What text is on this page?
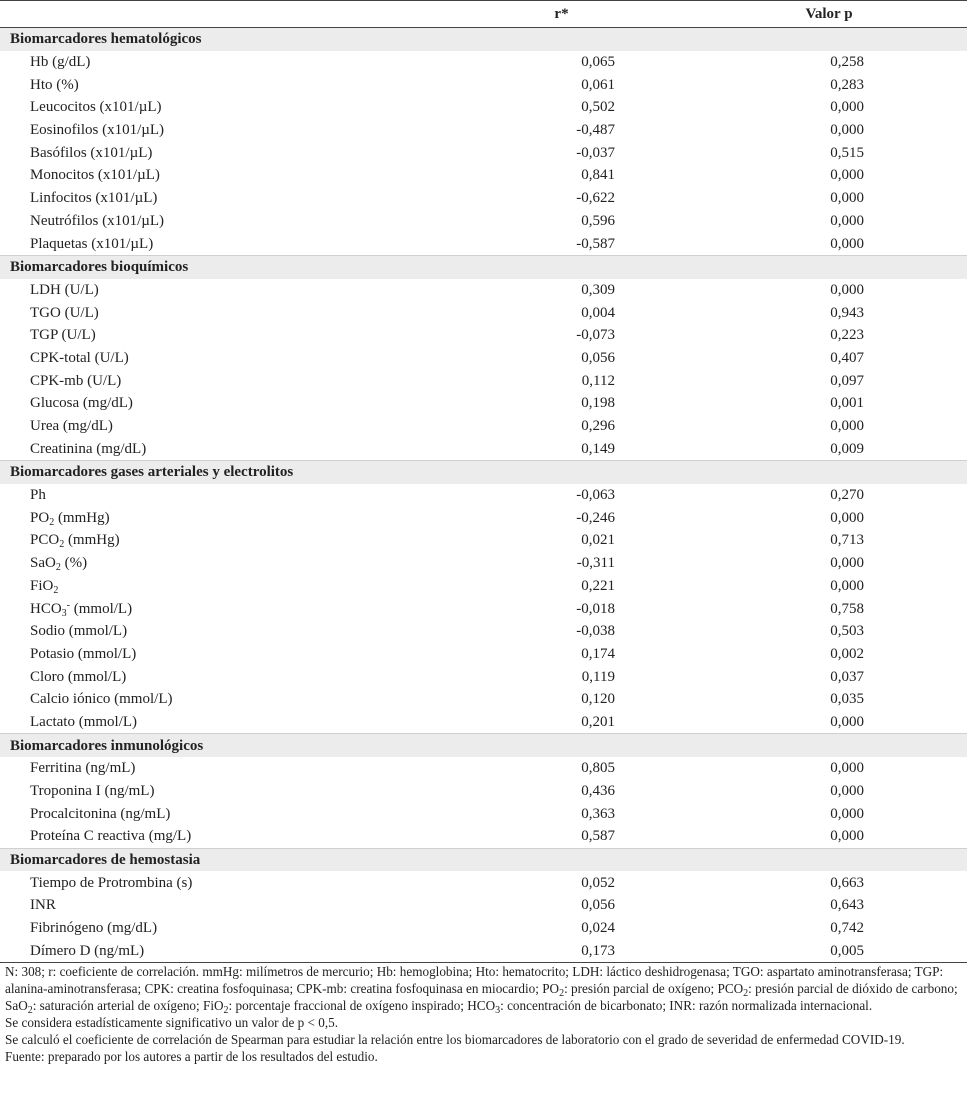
	r*	Valor p
Biomarcadores hematológicos		
Hb (g/dL)	0,065	0,258
Hto (%)	0,061	0,283
Leucocitos (x101/µL)	0,502	0,000
Eosinofilos (x101/µL)	-0,487	0,000
Basófilos (x101/µL)	-0,037	0,515
Monocitos (x101/µL)	0,841	0,000
Linfocitos (x101/µL)	-0,622	0,000
Neutrófilos (x101/µL)	0,596	0,000
Plaquetas (x101/µL)	-0,587	0,000
Biomarcadores bioquímicos		
LDH (U/L)	0,309	0,000
TGO (U/L)	0,004	0,943
TGP (U/L)	-0,073	0,223
CPK-total (U/L)	0,056	0,407
CPK-mb (U/L)	0,112	0,097
Glucosa (mg/dL)	0,198	0,001
Urea (mg/dL)	0,296	0,000
Creatinina (mg/dL)	0,149	0,009
Biomarcadores gases arteriales y electrolitos		
Ph	-0,063	0,270
$PO_2$ (mmHg)	-0,246	0,000
$PCO_2$ (mmHg)	0,021	0,713
SaO$_2$ (%)	-0,311	0,000
FiO$_2$	0,221	0,000
$HCO_3^-$ (mmol/L)	-0,018	0,758
Sodio (mmol/L)	-0,038	0,503
Potasio (mmol/L)	0,174	0,002
Cloro (mmol/L)	0,119	0,037
Calcio iónico (mmol/L)	0,120	0,035
Lactato (mmol/L)	0,201	0,000
Biomarcadores inmunológicos		
Ferritina (ng/mL)	0,805	0,000
Troponina I (ng/mL)	0,436	0,000
Procalcitonina (ng/mL)	0,363	0,000
Proteína C reactiva (mg/L)	0,587	0,000
Biomarcadores de hemostasia		
Tiempo de Protrombina (s)	0,052	0,663
INR	0,056	0,643
Fibrinógeno (mg/dL)	0,024	0,742
Dímero D (ng/mL)	0,173	0,005

N: 308; r: coeficiente de correlación. mmHg: milímetros de mercurio; Hb: hemoglobina; Hto: hematocrito; LDH: láctico deshidrogenasa; TGO: aspartato aminotransferasa; TGP: alanina-aminotransferasa; CPK: creatina fosfoquinasa; CPK-mb: creatina fosfoquinasa en miocardio; $PO_2$: presión parcial de oxígeno; $PCO_2$: presión parcial de dióxido de carbono; SaO$_2$: saturación arterial de oxígeno; FiO$_2$: porcentaje fraccional de oxígeno inspirado; $HCO_3$: concentración de bicarbonato; INR: razón normalizada internacional.

Se considera estadísticamente significativo un valor de p < 0,5.

Se calculó el coeficiente de correlación de Spearman para estudiar la relación entre los biomarcadores de laboratorio con el grado de severidad de enfermedad COVID-19.

Fuente: preparado por los autores a partir de los resultados del estudio.
